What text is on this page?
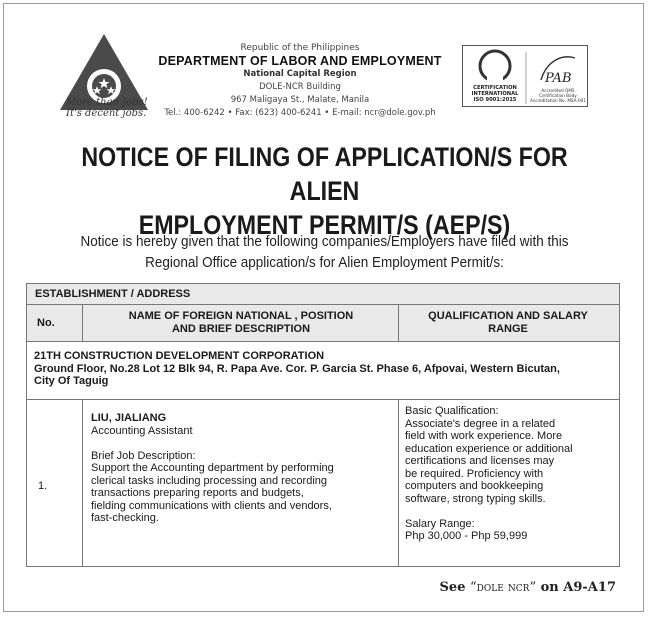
More than Jobs!
It's decent jobs.
Republic of the Philippines
DEPARTMENT OF LABOR AND EMPLOYMENT
National Capital Region
DOLE-NCR Building
967 Maligaya St., Malate, Manila
Tel.: 400-6242 • Fax: (623) 400-6241 • E-mail: ncr@dole.gov.ph
PAB
CERTIFICATION INTERNATIONAL ISO 9001:2015
Accredited QMS Certification Body Accreditation No. MSA-001
NOTICE OF FILING OF APPLICATION/S FOR ALIEN
EMPLOYMENT PERMIT/S (AEP/S)
Notice is hereby given that the following companies/Employers have filed with this
Regional Office application/s for Alien Employment Permit/s:
ESTABLISHMENT / ADDRESS
No.
NAME OF FOREIGN NATIONAL , POSITION
AND BRIEF DESCRIPTION
QUALIFICATION AND SALARY
RANGE
21TH CONSTRUCTION DEVELOPMENT CORPORATION
Ground Floor, No.28 Lot 12 Blk 94, R. Papa Ave. Cor. P. Garcia St. Phase 6, Afpovai, Western Bicutan,
City Of Taguig
1.
LIU, JIALIANG
Accounting Assistant
Brief Job Description:
Support the Accounting department by performing
clerical tasks including processing and recording
transactions preparing reports and budgets,
fielding communications with clients and vendors,
fast-checking.
Basic Qualification:
Associate's degree in a related
field with work experience. More
education experience or additional
certifications and licenses may
be required. Proficiency with
computers and bookkeeping
software, strong typing skills.
Salary Range:
Php 30,000 - Php 59,999
See “dole ncr” on A9-A17
